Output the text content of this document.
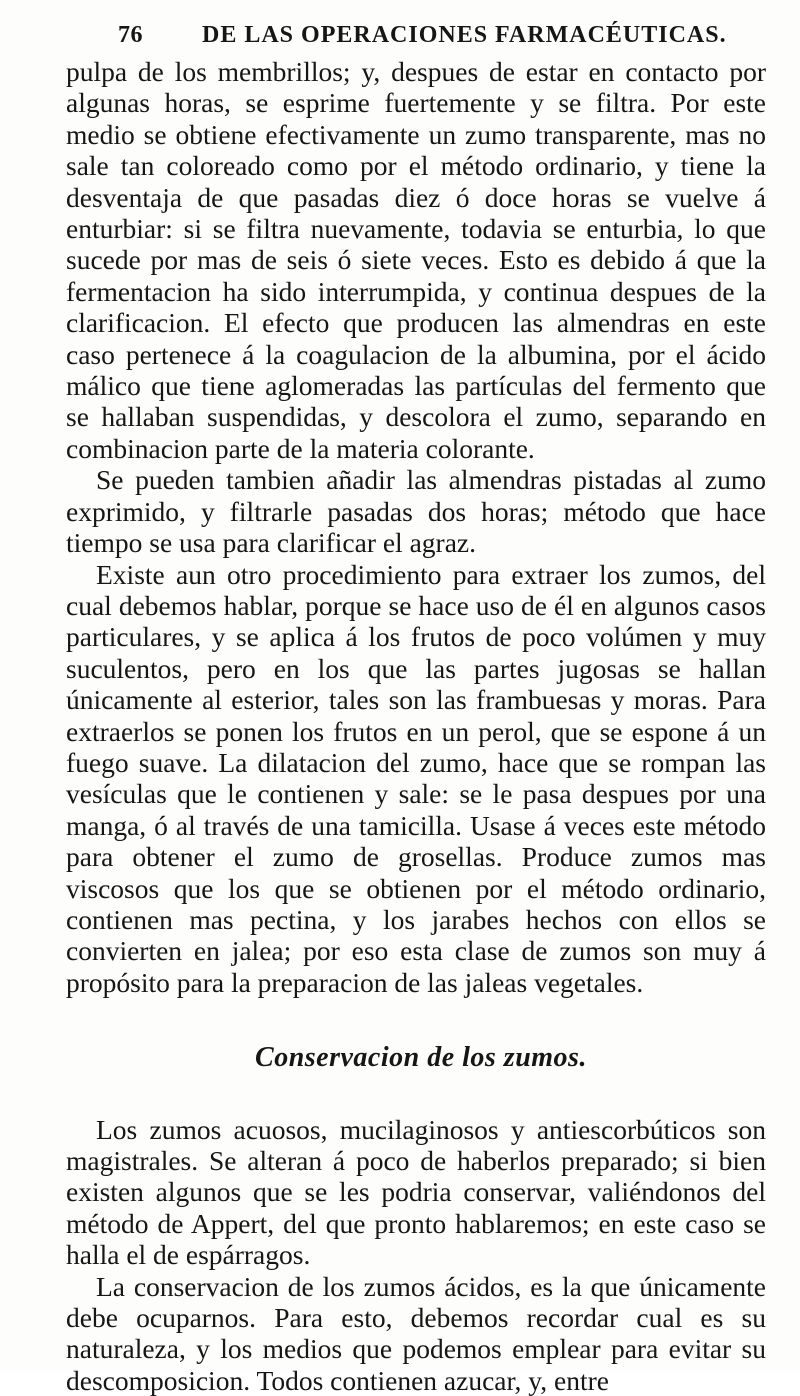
76 DE LAS OPERACIONES FARMACÉUTICAS.

pulpa de los membrillos; y, despues de estar en contacto por algunas horas, se esprime fuertemente y se filtra. Por este medio se obtiene efectivamente un zumo transparente, mas no sale tan coloreado como por el método ordinario, y tiene la desventaja de que pasadas diez ó doce horas se vuelve á enturbiar: si se filtra nuevamente, todavia se enturbia, lo que sucede por mas de seis ó siete veces. Esto es debido á que la fermentacion ha sido interrumpida, y continua despues de la clarificacion. El efecto que producen las almendras en este caso pertenece á la coagulacion de la albumina, por el ácido málico que tiene aglomeradas las partículas del fermento que se hallaban suspendidas, y descolora el zumo, separando en combinacion parte de la materia colorante.

Se pueden tambien añadir las almendras pistadas al zumo exprimido, y filtrarle pasadas dos horas; método que hace tiempo se usa para clarificar el agraz.

Existe aun otro procedimiento para extraer los zumos, del cual debemos hablar, porque se hace uso de él en algunos casos particulares, y se aplica á los frutos de poco volúmen y muy suculentos, pero en los que las partes jugosas se hallan únicamente al esterior, tales son las frambuesas y moras. Para extraerlos se ponen los frutos en un perol, que se espone á un fuego suave. La dilatacion del zumo, hace que se rompan las vesículas que le contienen y sale: se le pasa despues por una manga, ó al través de una tamicilla. Usase á veces este método para obtener el zumo de grosellas. Produce zumos mas viscosos que los que se obtienen por el método ordinario, contienen mas pectina, y los jarabes hechos con ellos se convierten en jalea; por eso esta clase de zumos son muy á propósito para la preparacion de las jaleas vegetales.

Conservacion de los zumos.

Los zumos acuosos, mucilaginosos y antiescorbúticos son magistrales. Se alteran á poco de haberlos preparado; si bien existen algunos que se les podria conservar, valiéndonos del método de Appert, del que pronto hablaremos; en este caso se halla el de espárragos.

La conservacion de los zumos ácidos, es la que únicamente debe ocuparnos. Para esto, debemos recordar cual es su naturaleza, y los medios que podemos emplear para evitar su descomposicion. Todos contienen azucar, y, entre
